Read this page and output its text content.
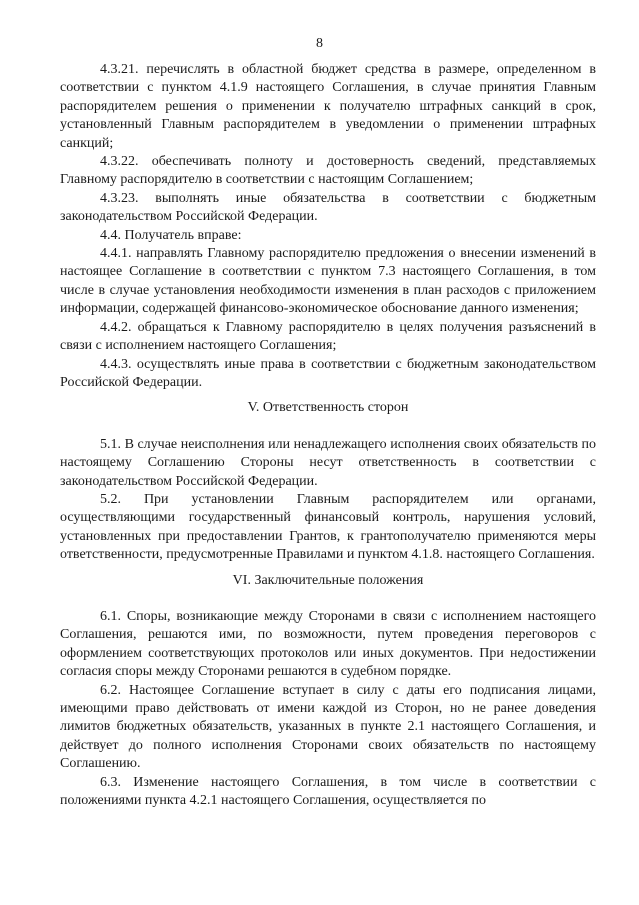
8

4.3.21. перечислять в областной бюджет средства в размере, определенном в соответствии с пунктом 4.1.9 настоящего Соглашения, в случае принятия Главным распорядителем решения о применении к получателю штрафных санкций в срок, установленный Главным распорядителем в уведомлении о применении штрафных санкций;

4.3.22. обеспечивать полноту и достоверность сведений, представляемых Главному распорядителю в соответствии с настоящим Соглашением;

4.3.23. выполнять иные обязательства в соответствии с бюджетным законодательством Российской Федерации.

4.4. Получатель вправе:

4.4.1. направлять Главному распорядителю предложения о внесении изменений в настоящее Соглашение в соответствии с пунктом 7.3 настоящего Соглашения, в том числе в случае установления необходимости изменения в план расходов с приложением информации, содержащей финансово-экономическое обоснование данного изменения;

4.4.2. обращаться к Главному распорядителю в целях получения разъяснений в связи с исполнением настоящего Соглашения;

4.4.3. осуществлять иные права в соответствии с бюджетным законодательством Российской Федерации.

V. Ответственность сторон

5.1. В случае неисполнения или ненадлежащего исполнения своих обязательств по настоящему Соглашению Стороны несут ответственность в соответствии с законодательством Российской Федерации.

5.2. При установлении Главным распорядителем или органами, осуществляющими государственный финансовый контроль, нарушения условий, установленных при предоставлении Грантов, к грантополучателю применяются меры ответственности, предусмотренные Правилами и пунктом 4.1.8. настоящего Соглашения.

VI. Заключительные положения

6.1. Споры, возникающие между Сторонами в связи с исполнением настоящего Соглашения, решаются ими, по возможности, путем проведения переговоров с оформлением соответствующих протоколов или иных документов. При недостижении согласия споры между Сторонами решаются в судебном порядке.

6.2. Настоящее Соглашение вступает в силу с даты его подписания лицами, имеющими право действовать от имени каждой из Сторон, но не ранее доведения лимитов бюджетных обязательств, указанных в пункте 2.1 настоящего Соглашения, и действует до полного исполнения Сторонами своих обязательств по настоящему Соглашению.

6.3. Изменение настоящего Соглашения, в том числе в соответствии с положениями пункта 4.2.1 настоящего Соглашения, осуществляется по
